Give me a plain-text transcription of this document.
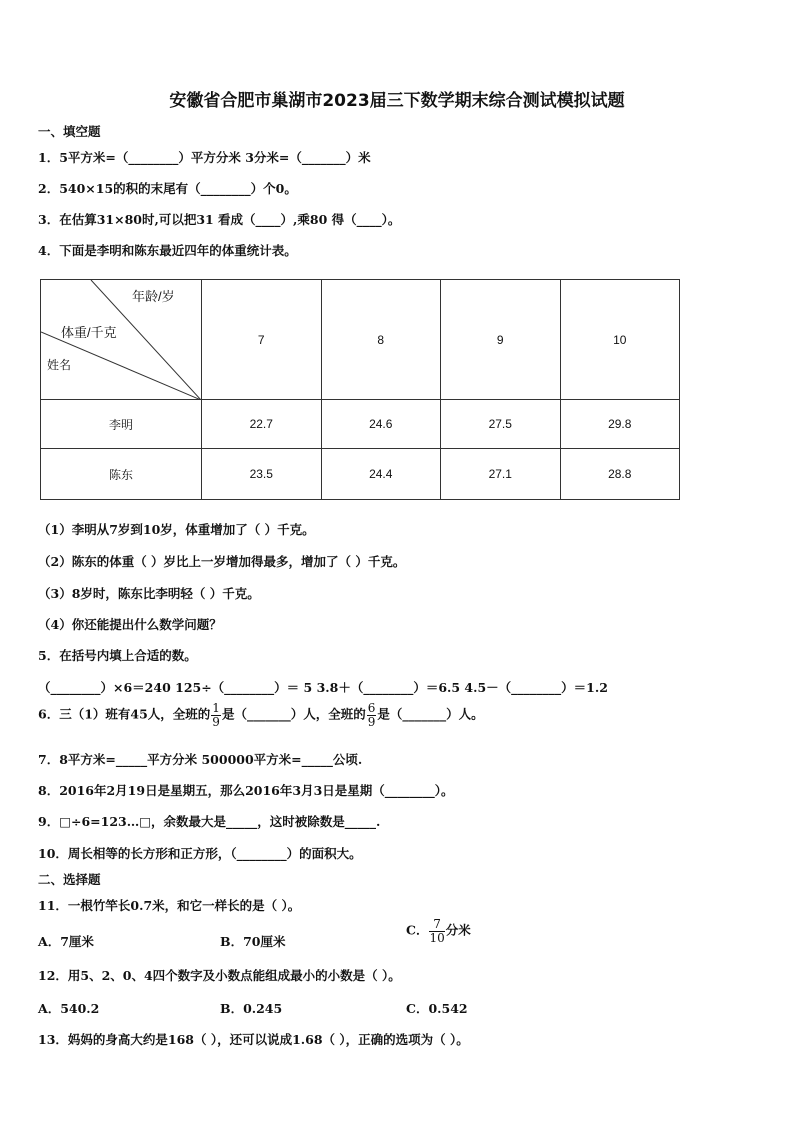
安徽省合肥市巢湖市2023届三下数学期末综合测试模拟试题
一、填空题
1．5平方米=（________）平方分米 3分米=（_______）米
2．540×15的积的末尾有（________）个0。
3．在估算31×80时,可以把31 看成（____）,乘80 得（____）。
4．下面是李明和陈东最近四年的体重统计表。
年龄/岁
体重/千克
姓名	7	8	9	10
李明	22.7	24.6	27.5	29.8
陈东	23.5	24.4	27.1	28.8
（1）李明从7岁到10岁，体重增加了（ ）千克。
（2）陈东的体重（ ）岁比上一岁增加得最多，增加了（ ）千克。
（3）8岁时，陈东比李明轻（ ）千克。
（4）你还能提出什么数学问题？
5．在括号内填上合适的数。
（________）×6＝240 125÷（________）＝ 5 3.8＋（________）＝6.5 4.5－（________）＝1.2
6．三（1）班有45人，全班的 $\frac{1}{9}$ 是（_______）人，全班的 $\frac{6}{9}$ 是（_______）人。
7．8平方米=_____平方分米 500000平方米=_____公顷.
8．2016年2月19日是星期五，那么2016年3月3日是星期（________）。
9．□÷6=123…□，余数最大是_____，这时被除数是_____.
10．周长相等的长方形和正方形，（________）的面积大。
二、选择题
11．一根竹竿长0.7米，和它一样长的是（ ）。
A．7厘米	B．70厘米
C． $\frac{7}{10}$ 分米
12．用5、2、0、4四个数字及小数点能组成最小的小数是（ ）。
A．540.2	B．0.245	C．0.542
13．妈妈的身高大约是168（ ），还可以说成1.68（ ），正确的选项为（ ）。
